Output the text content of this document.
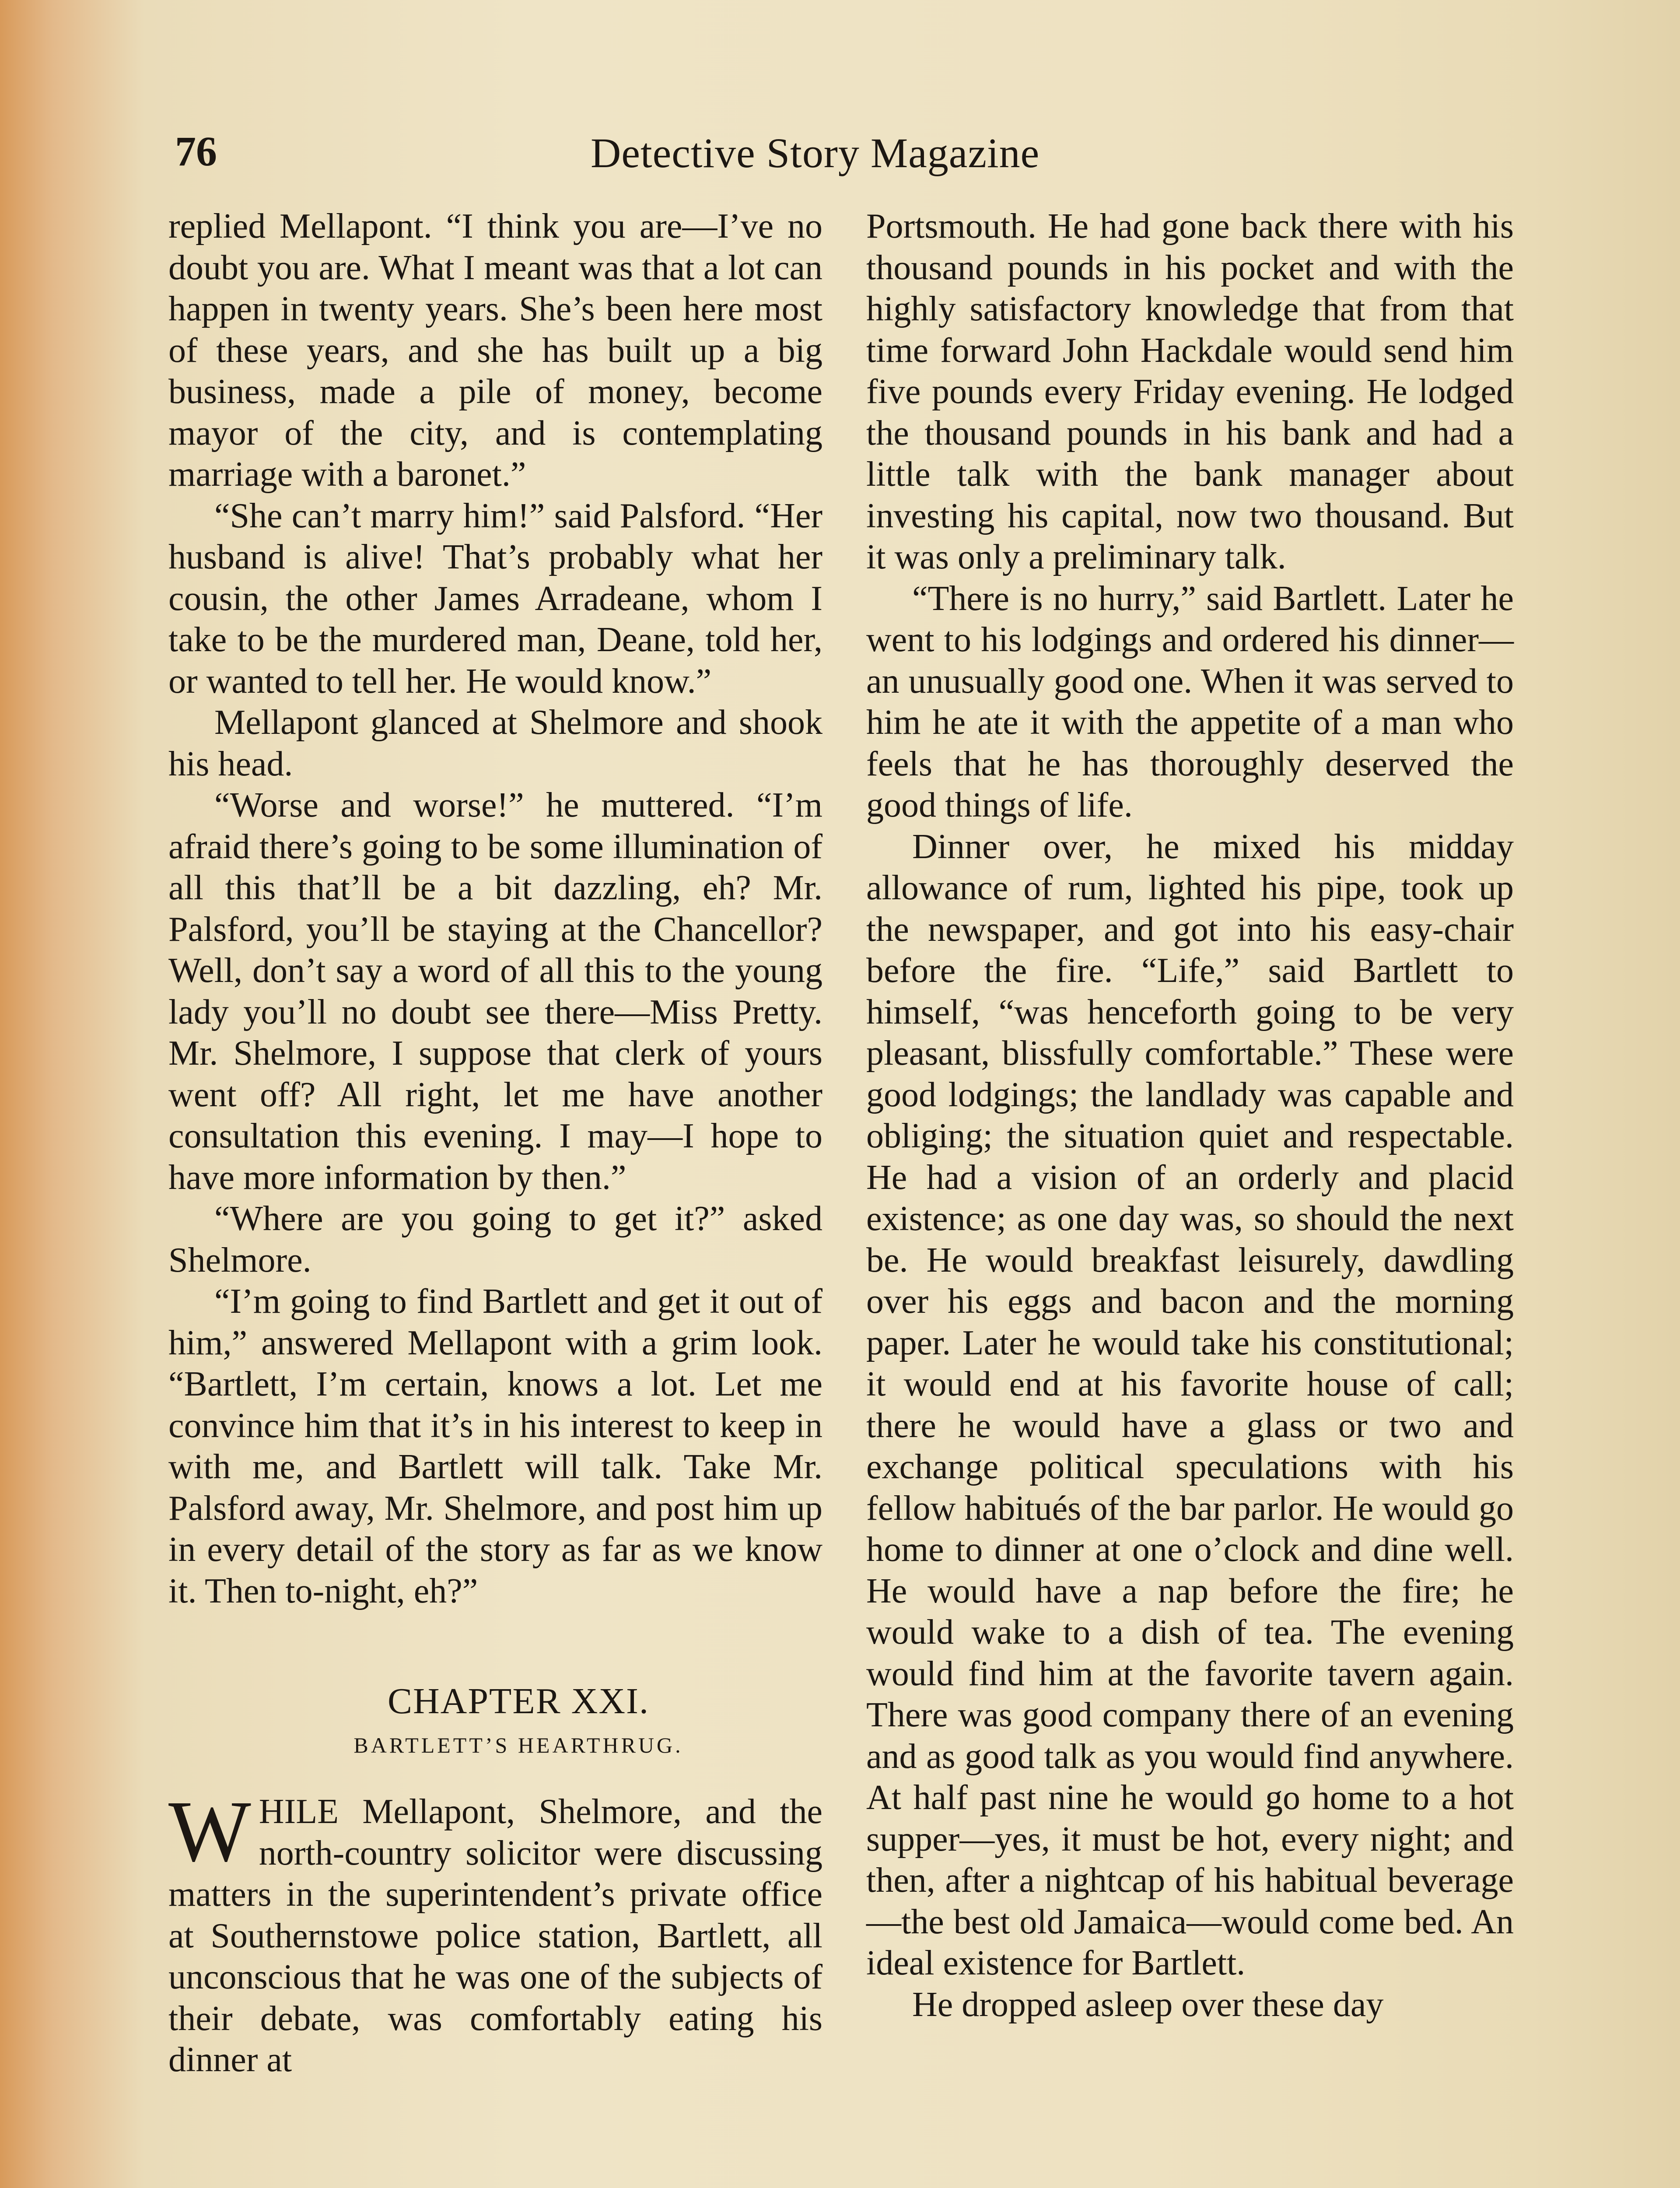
76	Detective Story Magazine

replied Mellapont. “I think you are—I’ve no doubt you are. What I meant was that a lot can happen in twenty years. She’s been here most of these years, and she has built up a big business, made a pile of money, become mayor of the city, and is contemplating marriage with a baronet.”

“She can’t marry him!” said Palsford. “Her husband is alive! That’s probably what her cousin, the other James Arradeane, whom I take to be the murdered man, Deane, told her, or wanted to tell her. He would know.”

Mellapont glanced at Shelmore and shook his head.

“Worse and worse!” he muttered. “I’m afraid there’s going to be some illumination of all this that’ll be a bit dazzling, eh? Mr. Palsford, you’ll be staying at the Chancellor? Well, don’t say a word of all this to the young lady you’ll no doubt see there—Miss Pretty. Mr. Shelmore, I suppose that clerk of yours went off? All right, let me have another consultation this evening. I may—I hope to have more information by then.”

“Where are you going to get it?” asked Shelmore.

“I’m going to find Bartlett and get it out of him,” answered Mellapont with a grim look. “Bartlett, I’m certain, knows a lot. Let me convince him that it’s in his interest to keep in with me, and Bartlett will talk. Take Mr. Palsford away, Mr. Shelmore, and post him up in every detail of the story as far as we know it. Then to-night, eh?”

CHAPTER XXI.

BARTLETT’S HEARTHRUG.

WHILE Mellapont, Shelmore, and the north-country solicitor were discussing matters in the superintendent’s private office at Southernstowe police station, Bartlett, all unconscious that he was one of the subjects of their debate, was comfortably eating his dinner at

Portsmouth. He had gone back there with his thousand pounds in his pocket and with the highly satisfactory knowledge that from that time forward John Hackdale would send him five pounds every Friday evening. He lodged the thousand pounds in his bank and had a little talk with the bank manager about investing his capital, now two thousand. But it was only a preliminary talk.

“There is no hurry,” said Bartlett. Later he went to his lodgings and ordered his dinner—an unusually good one. When it was served to him he ate it with the appetite of a man who feels that he has thoroughly deserved the good things of life.

Dinner over, he mixed his midday allowance of rum, lighted his pipe, took up the newspaper, and got into his easy-chair before the fire. “Life,” said Bartlett to himself, “was henceforth going to be very pleasant, blissfully comfortable.” These were good lodgings; the landlady was capable and obliging; the situation quiet and respectable. He had a vision of an orderly and placid existence; as one day was, so should the next be. He would breakfast leisurely, dawdling over his eggs and bacon and the morning paper. Later he would take his constitutional; it would end at his favorite house of call; there he would have a glass or two and exchange political speculations with his fellow habitués of the bar parlor. He would go home to dinner at one o’clock and dine well. He would have a nap before the fire; he would wake to a dish of tea. The evening would find him at the favorite tavern again. There was good company there of an evening and as good talk as you would find anywhere. At half past nine he would go home to a hot supper—yes, it must be hot, every night; and then, after a nightcap of his habitual beverage—the best old Jamaica—would come bed. An ideal existence for Bartlett.

He dropped asleep over these day
